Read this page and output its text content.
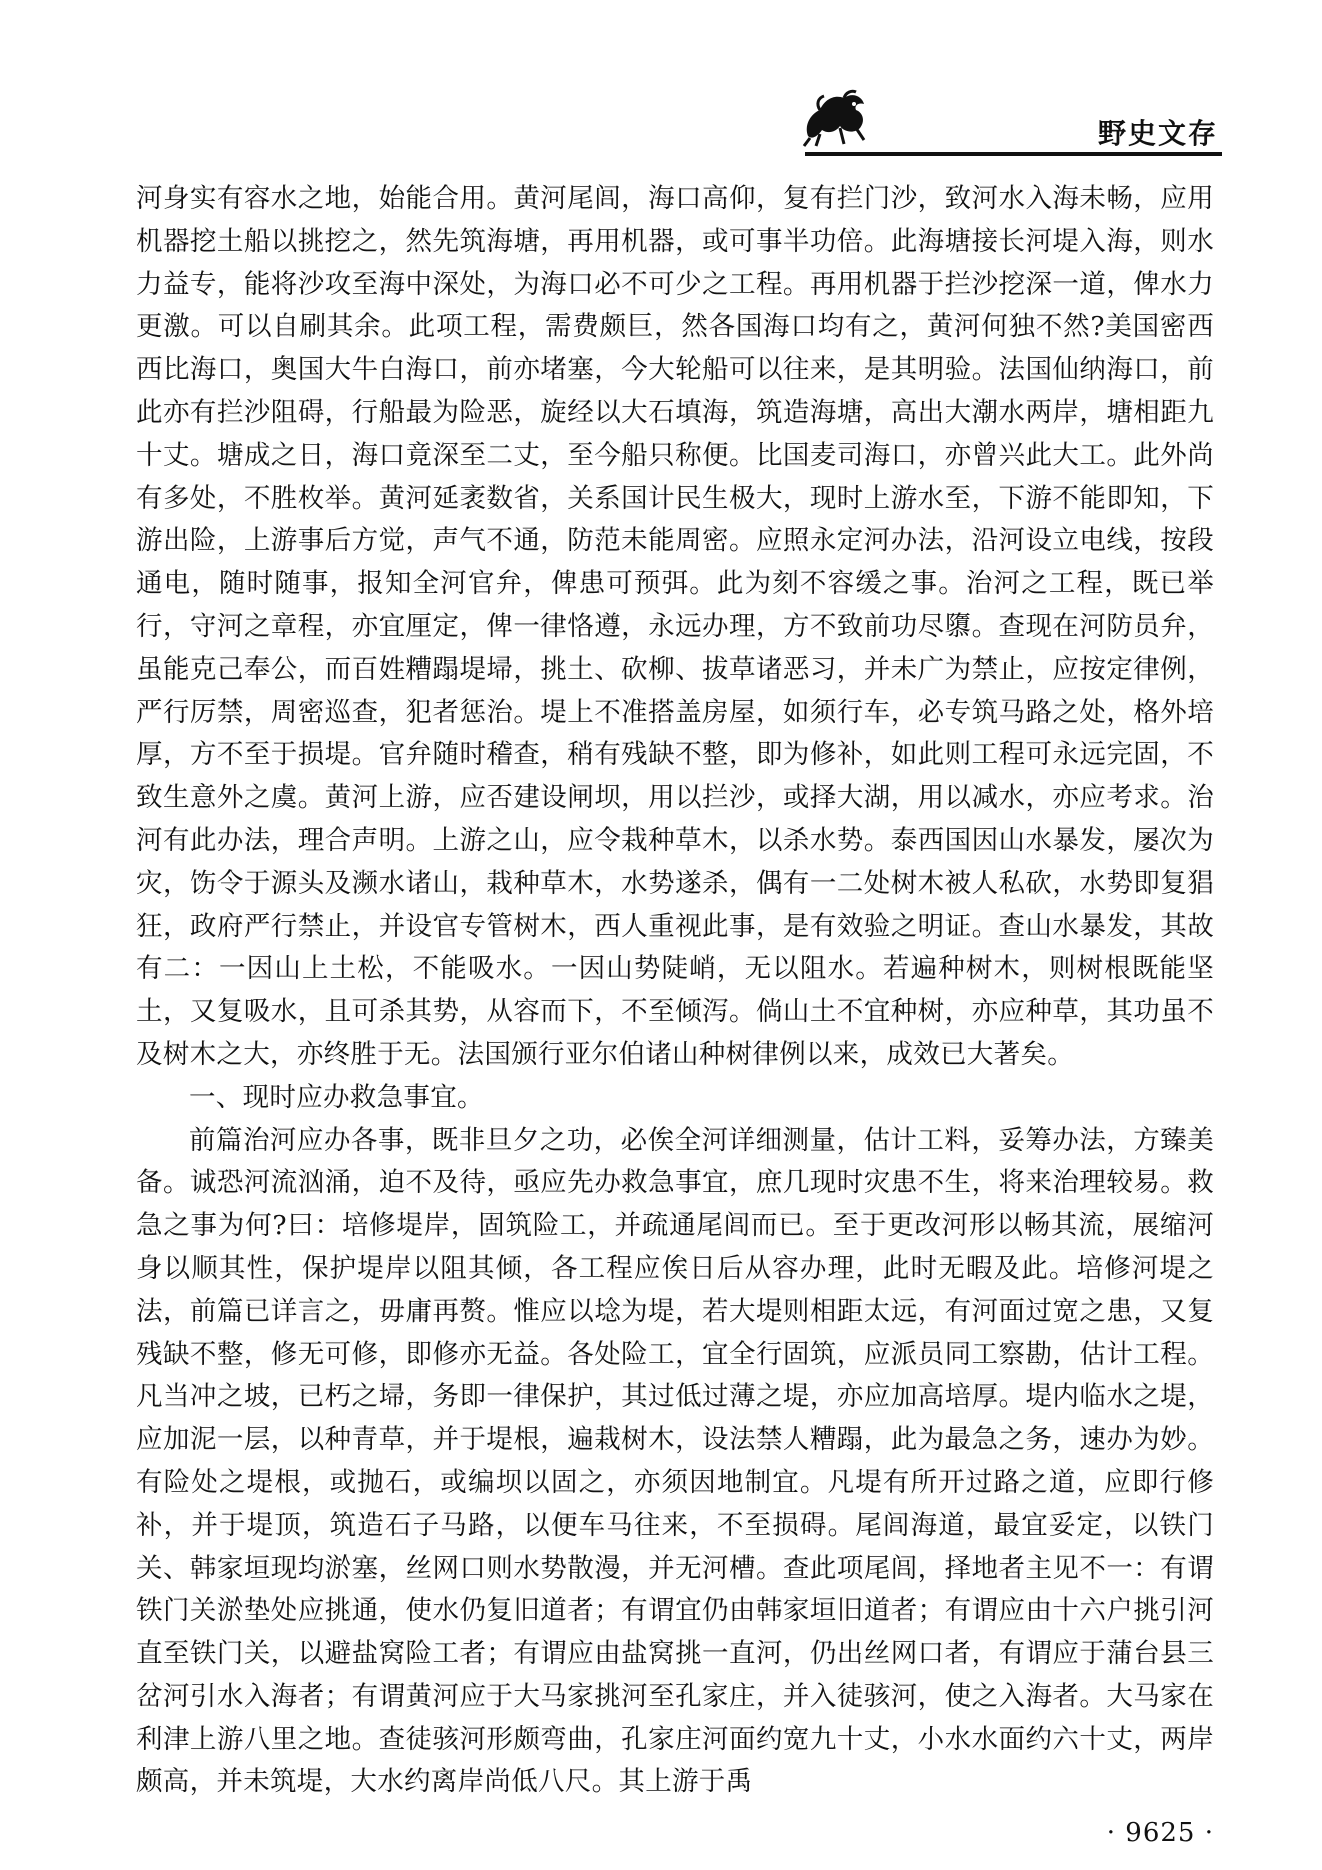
野史文存

河身实有容水之地，始能合用。黄河尾闾，海口高仰，复有拦门沙，致河水入海未畅，应用机器挖土船以挑挖之，然先筑海塘，再用机器，或可事半功倍。此海塘接长河堤入海，则水力益专，能将沙攻至海中深处，为海口必不可少之工程。再用机器于拦沙挖深一道，俾水力更激。可以自刷其余。此项工程，需费颇巨，然各国海口均有之，黄河何独不然?美国密西西比海口，奥国大牛白海口，前亦堵塞，今大轮船可以往来，是其明验。法国仙纳海口，前此亦有拦沙阻碍，行船最为险恶，旋经以大石填海，筑造海塘，高出大潮水两岸，塘相距九十丈。塘成之日，海口竟深至二丈，至今船只称便。比国麦司海口，亦曾兴此大工。此外尚有多处，不胜枚举。黄河延袤数省，关系国计民生极大，现时上游水至，下游不能即知，下游出险，上游事后方觉，声气不通，防范未能周密。应照永定河办法，沿河设立电线，按段通电，随时随事，报知全河官弁，俾患可预弭。此为刻不容缓之事。治河之工程，既已举行，守河之章程，亦宜厘定，俾一律恪遵，永远办理，方不致前功尽隳。查现在河防员弁，虽能克己奉公，而百姓糟蹋堤埽，挑土、砍柳、拔草诸恶习，并未广为禁止，应按定律例，严行厉禁，周密巡查，犯者惩治。堤上不准搭盖房屋，如须行车，必专筑马路之处，格外培厚，方不至于损堤。官弁随时稽查，稍有残缺不整，即为修补，如此则工程可永远完固，不致生意外之虞。黄河上游，应否建设闸坝，用以拦沙，或择大湖，用以减水，亦应考求。治河有此办法，理合声明。上游之山，应令栽种草木，以杀水势。泰西国因山水暴发，屡次为灾，饬令于源头及濒水诸山，栽种草木，水势遂杀，偶有一二处树木被人私砍，水势即复猖狂，政府严行禁止，并设官专管树木，西人重视此事，是有效验之明证。查山水暴发，其故有二：一因山上土松，不能吸水。一因山势陡峭，无以阻水。若遍种树木，则树根既能坚土，又复吸水，且可杀其势，从容而下，不至倾泻。倘山土不宜种树，亦应种草，其功虽不及树木之大，亦终胜于无。法国颁行亚尔伯诸山种树律例以来，成效已大著矣。

一、现时应办救急事宜。

前篇治河应办各事，既非旦夕之功，必俟全河详细测量，估计工料，妥筹办法，方臻美备。诚恐河流汹涌，迫不及待，亟应先办救急事宜，庶几现时灾患不生，将来治理较易。救急之事为何?曰：培修堤岸，固筑险工，并疏通尾闾而已。至于更改河形以畅其流，展缩河身以顺其性，保护堤岸以阻其倾，各工程应俟日后从容办理，此时无暇及此。培修河堤之法，前篇已详言之，毋庸再赘。惟应以埝为堤，若大堤则相距太远，有河面过宽之患，又复残缺不整，修无可修，即修亦无益。各处险工，宜全行固筑，应派员同工察勘，估计工程。凡当冲之坡，已朽之埽，务即一律保护，其过低过薄之堤，亦应加高培厚。堤内临水之堤，应加泥一层，以种青草，并于堤根，遍栽树木，设法禁人糟蹋，此为最急之务，速办为妙。有险处之堤根，或抛石，或编坝以固之，亦须因地制宜。凡堤有所开过路之道，应即行修补，并于堤顶，筑造石子马路，以便车马往来，不至损碍。尾闾海道，最宜妥定，以铁门关、韩家垣现均淤塞，丝网口则水势散漫，并无河槽。查此项尾闾，择地者主见不一：有谓铁门关淤垫处应挑通，使水仍复旧道者；有谓宜仍由韩家垣旧道者；有谓应由十六户挑引河直至铁门关，以避盐窝险工者；有谓应由盐窝挑一直河，仍出丝网口者，有谓应于蒲台县三岔河引水入海者；有谓黄河应于大马家挑河至孔家庄，并入徒骇河，使之入海者。大马家在利津上游八里之地。查徒骇河形颇弯曲，孔家庄河面约宽九十丈，小水水面约六十丈，两岸颇高，并未筑堤，大水约离岸尚低八尺。其上游于禹

· 9625 ·
